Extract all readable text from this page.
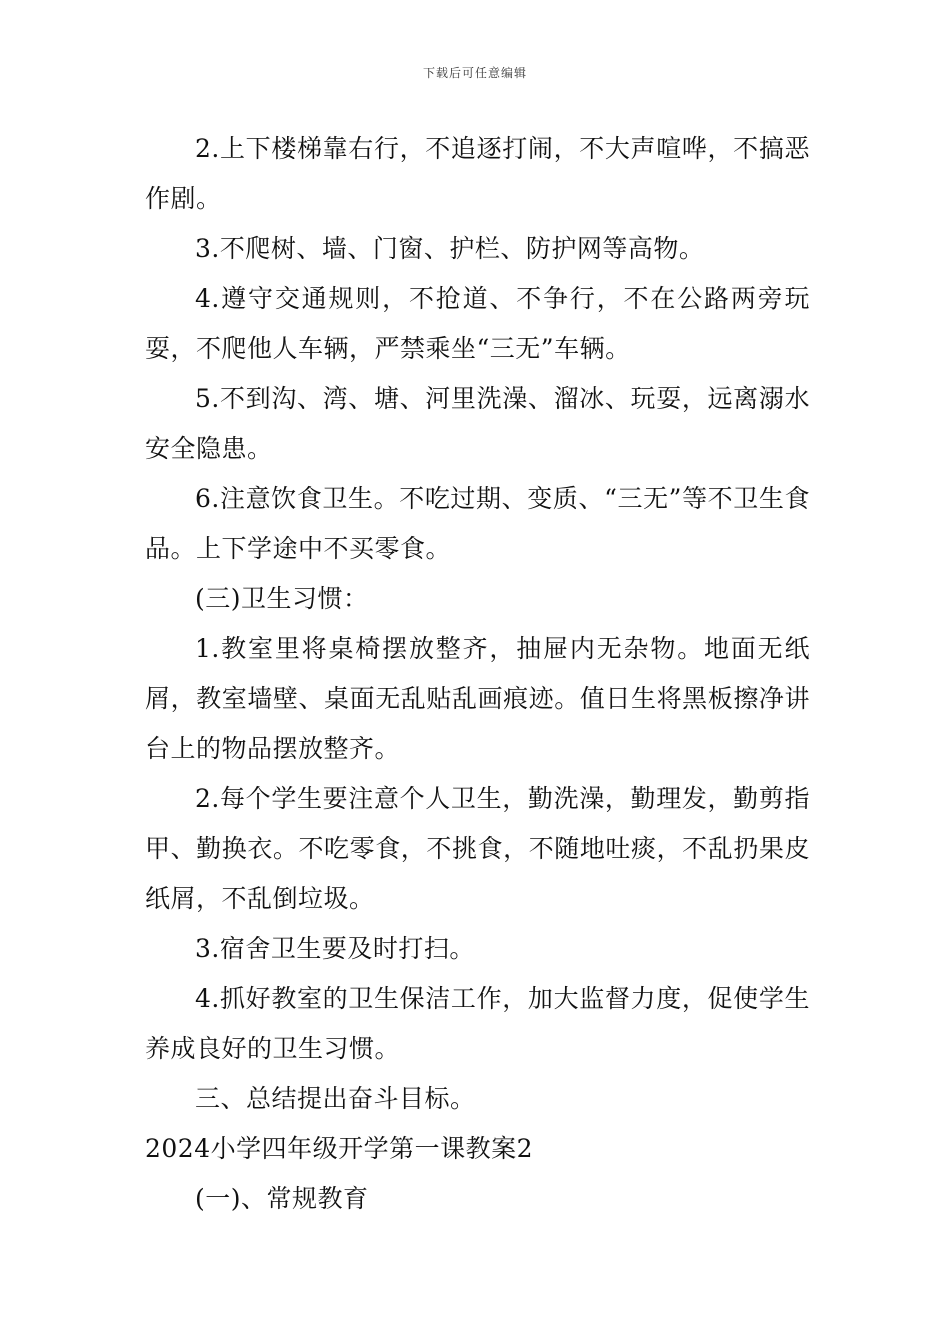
下载后可任意编辑

2.上下楼梯靠右行，不追逐打闹，不大声喧哗，不搞恶作剧。

3.不爬树、墙、门窗、护栏、防护网等高物。

4.遵守交通规则，不抢道、不争行，不在公路两旁玩耍，不爬他人车辆，严禁乘坐“三无”车辆。

5.不到沟、湾、塘、河里洗澡、溜冰、玩耍，远离溺水安全隐患。

6.注意饮食卫生。不吃过期、变质、“三无”等不卫生食品。上下学途中不买零食。

(三)卫生习惯：

1.教室里将桌椅摆放整齐，抽屉内无杂物。地面无纸屑，教室墙壁、桌面无乱贴乱画痕迹。值日生将黑板擦净讲台上的物品摆放整齐。

2.每个学生要注意个人卫生，勤洗澡，勤理发，勤剪指甲、勤换衣。不吃零食，不挑食，不随地吐痰，不乱扔果皮纸屑，不乱倒垃圾。

3.宿舍卫生要及时打扫。

4.抓好教室的卫生保洁工作，加大监督力度，促使学生养成良好的卫生习惯。

三、总结提出奋斗目标。

2024小学四年级开学第一课教案2

(一)、常规教育
